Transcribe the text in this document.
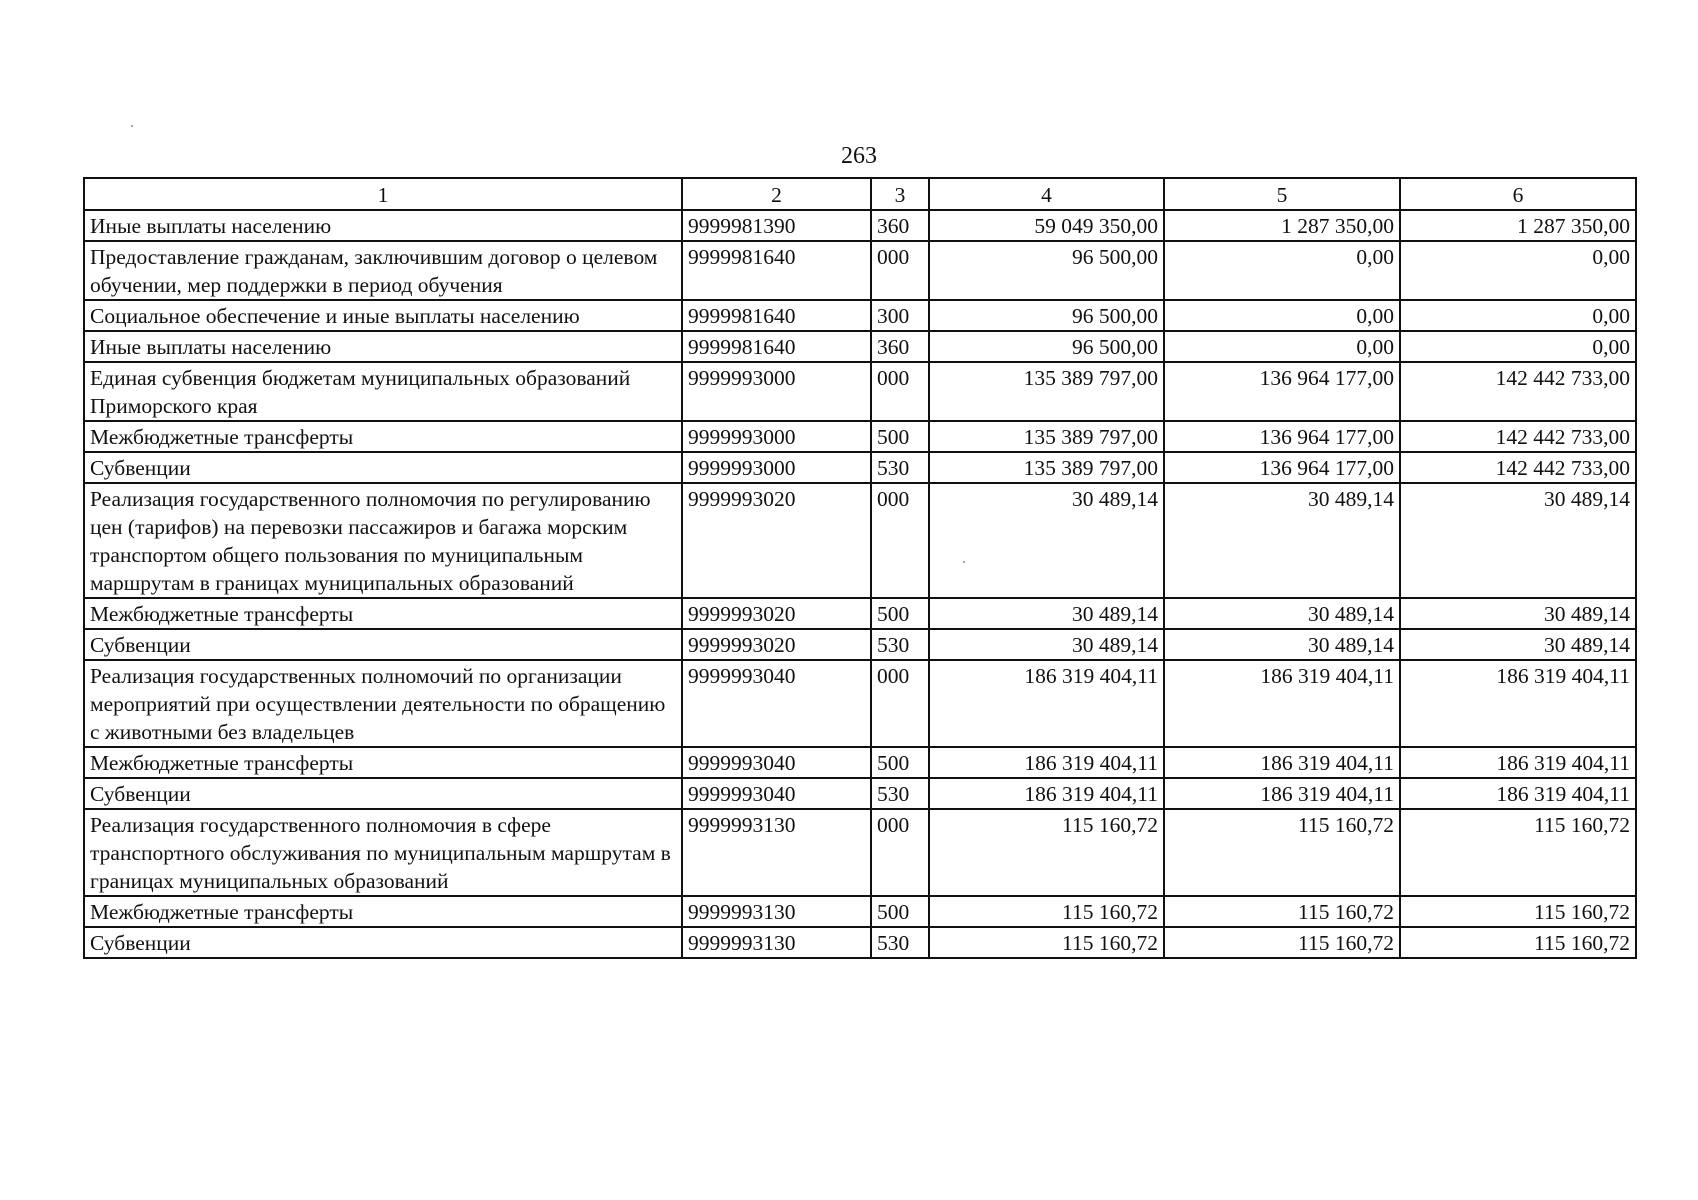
263
1	2	3	4	5	6
Иные выплаты населению	9999981390	360	59 049 350,00	1 287 350,00	1 287 350,00
Предоставление гражданам, заключившим договор о целевом обучении, мер поддержки в период обучения	9999981640	000	96 500,00	0,00	0,00
Социальное обеспечение и иные выплаты населению	9999981640	300	96 500,00	0,00	0,00
Иные выплаты населению	9999981640	360	96 500,00	0,00	0,00
Единая субвенция бюджетам муниципальных образований Приморского края	9999993000	000	135 389 797,00	136 964 177,00	142 442 733,00
Межбюджетные трансферты	9999993000	500	135 389 797,00	136 964 177,00	142 442 733,00
Субвенции	9999993000	530	135 389 797,00	136 964 177,00	142 442 733,00
Реализация государственного полномочия по регулированию цен (тарифов) на перевозки пассажиров и багажа морским транспортом общего пользования по муниципальным маршрутам в границах муниципальных образований	9999993020	000	30 489,14	30 489,14	30 489,14
Межбюджетные трансферты	9999993020	500	30 489,14	30 489,14	30 489,14
Субвенции	9999993020	530	30 489,14	30 489,14	30 489,14
Реализация государственных полномочий по организации мероприятий при осуществлении деятельности по обращению с животными без владельцев	9999993040	000	186 319 404,11	186 319 404,11	186 319 404,11
Межбюджетные трансферты	9999993040	500	186 319 404,11	186 319 404,11	186 319 404,11
Субвенции	9999993040	530	186 319 404,11	186 319 404,11	186 319 404,11
Реализация государственного полномочия в сфере транспортного обслуживания по муниципальным маршрутам в границах муниципальных образований	9999993130	000	115 160,72	115 160,72	115 160,72
Межбюджетные трансферты	9999993130	500	115 160,72	115 160,72	115 160,72
Субвенции	9999993130	530	115 160,72	115 160,72	115 160,72
